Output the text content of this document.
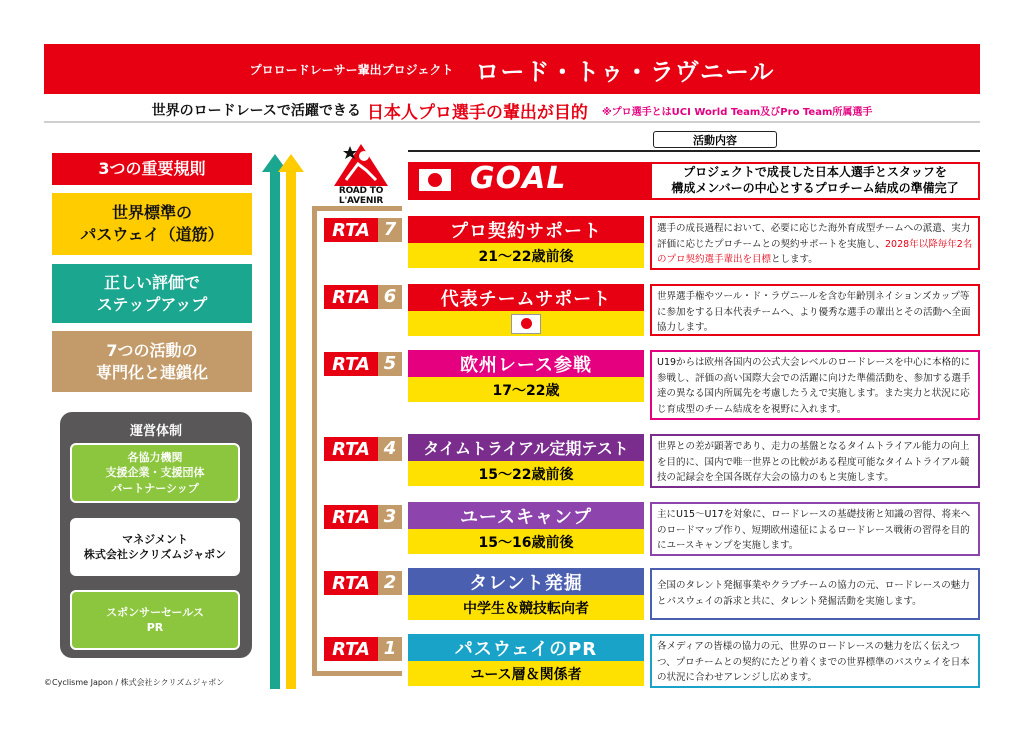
プロロードレーサー輩出プロジェクト ロード・トゥ・ラヴニール
世界のロードレースで活躍できる 日本人プロ選手の輩出が目的 ※プロ選手とはUCI World Team及びPro Team所属選手
活動内容
3つの重要規則
世界標準の
パスウェイ（道筋）
正しい評価で
ステップアップ
7つの活動の
専門化と連鎖化
運営体制
各協力機関
支援企業・支援団体
パートナーシップ
マネジメント
株式会社シクリズムジャポン
スポンサーセールス
PR
©Cyclisme Japon / 株式会社シクリズムジャポン
ROAD TO L'AVENIR
GOAL	プロジェクトで成長した日本人選手とスタッフを
構成メンバーの中心とするプロチーム結成の準備完了
RTA 7	プロ契約サポート
21〜22歳前後
選手の成長過程において、必要に応じた海外育成型チームへの派遣、実力評価に応じたプロチームとの契約サポートを実施し、2028年以降毎年2名のプロ契約選手輩出を目標とします。
RTA 6	代表チームサポート	世界選手権やツール・ド・ラヴニールを含む年齢別ネイションズカップ等に参加をする日本代表チームへ、より優秀な選手の輩出とその活動へ全面協力します。
RTA 5	欧州レース参戦
17〜22歳
U19からは欧州各国内の公式大会レベルのロードレースを中心に本格的に参戦し、評価の高い国際大会での活躍に向けた準備活動を、参加する選手達の異なる国内所属先を考慮したうえで実施します。また実力と状況に応じ育成型のチーム結成をを視野に入れます。
RTA 4	タイムトライアル定期テスト
15〜22歳前後
世界との差が顕著であり、走力の基盤となるタイムトライアル能力の向上を目的に、国内で唯一世界との比較がある程度可能なタイムトライアル競技の記録会を全国各既存大会の協力のもと実施します。
RTA 3	ユースキャンプ
15〜16歳前後
主にU15〜U17を対象に、ロードレースの基礎技術と知識の習得、将来へのロードマップ作り、短期欧州遠征によるロードレース戦術の習得を目的にユースキャンプを実施します。
RTA 2	タレント発掘
中学生＆競技転向者
全国のタレント発掘事業やクラブチームの協力の元、ロードレースの魅力とパスウェイの訴求と共に、タレント発掘活動を実施します。
RTA 1	パスウェイのPR
ユース層＆関係者
各メディアの皆様の協力の元、世界のロードレースの魅力を広く伝えつつ、プロチームとの契約にたどり着くまでの世界標準のパスウェイを日本の状況に合わせアレンジし広めます。
